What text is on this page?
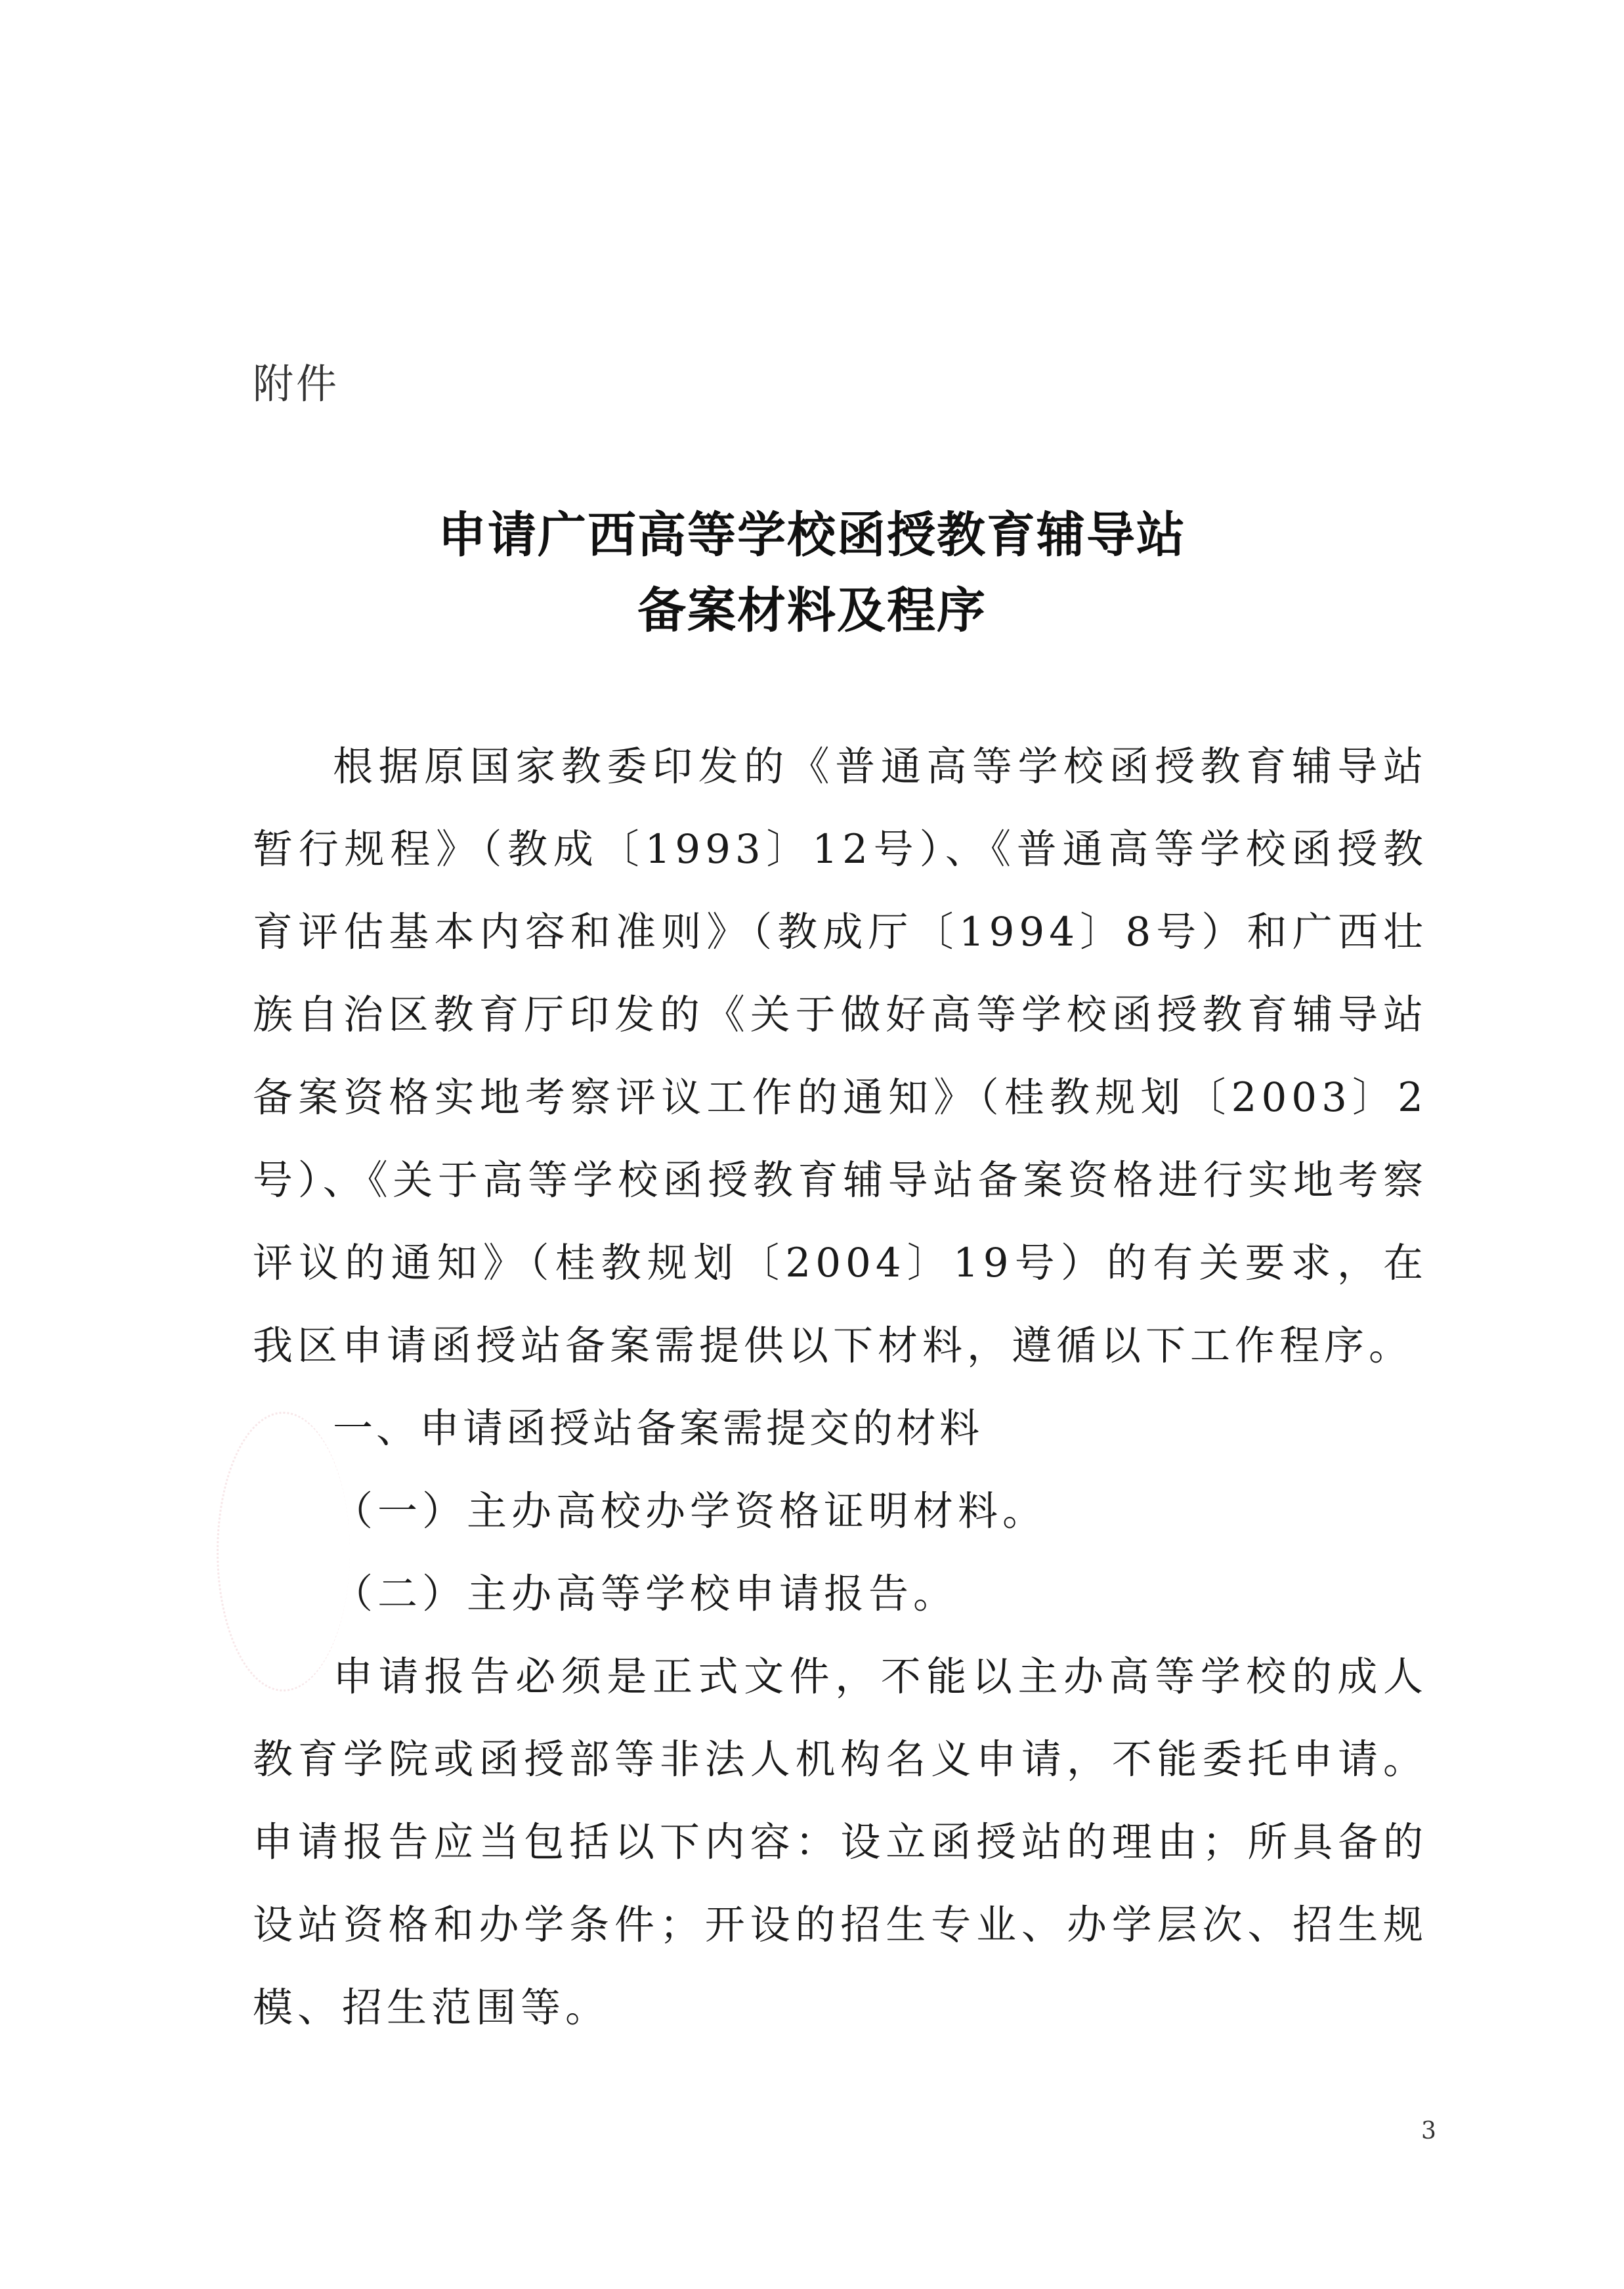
附件
申请广西高等学校函授教育辅导站
备案材料及程序

根据原国家教委印发的《普通高等学校函授教育辅导站暂行规程》（教成〔1993〕12号）、《普通高等学校函授教育评估基本内容和准则》（教成厅〔1994〕8号）和广西壮族自治区教育厅印发的《关于做好高等学校函授教育辅导站备案资格实地考察评议工作的通知》（桂教规划〔2003〕2号）、《关于高等学校函授教育辅导站备案资格进行实地考察评议的通知》（桂教规划〔2004〕19号）的有关要求，在我区申请函授站备案需提供以下材料，遵循以下工作程序。

一、申请函授站备案需提交的材料

（一）主办高校办学资格证明材料。

（二）主办高等学校申请报告。

申请报告必须是正式文件，不能以主办高等学校的成人教育学院或函授部等非法人机构名义申请，不能委托申请。申请报告应当包括以下内容：设立函授站的理由；所具备的设站资格和办学条件；开设的招生专业、办学层次、招生规模、招生范围等。

3
